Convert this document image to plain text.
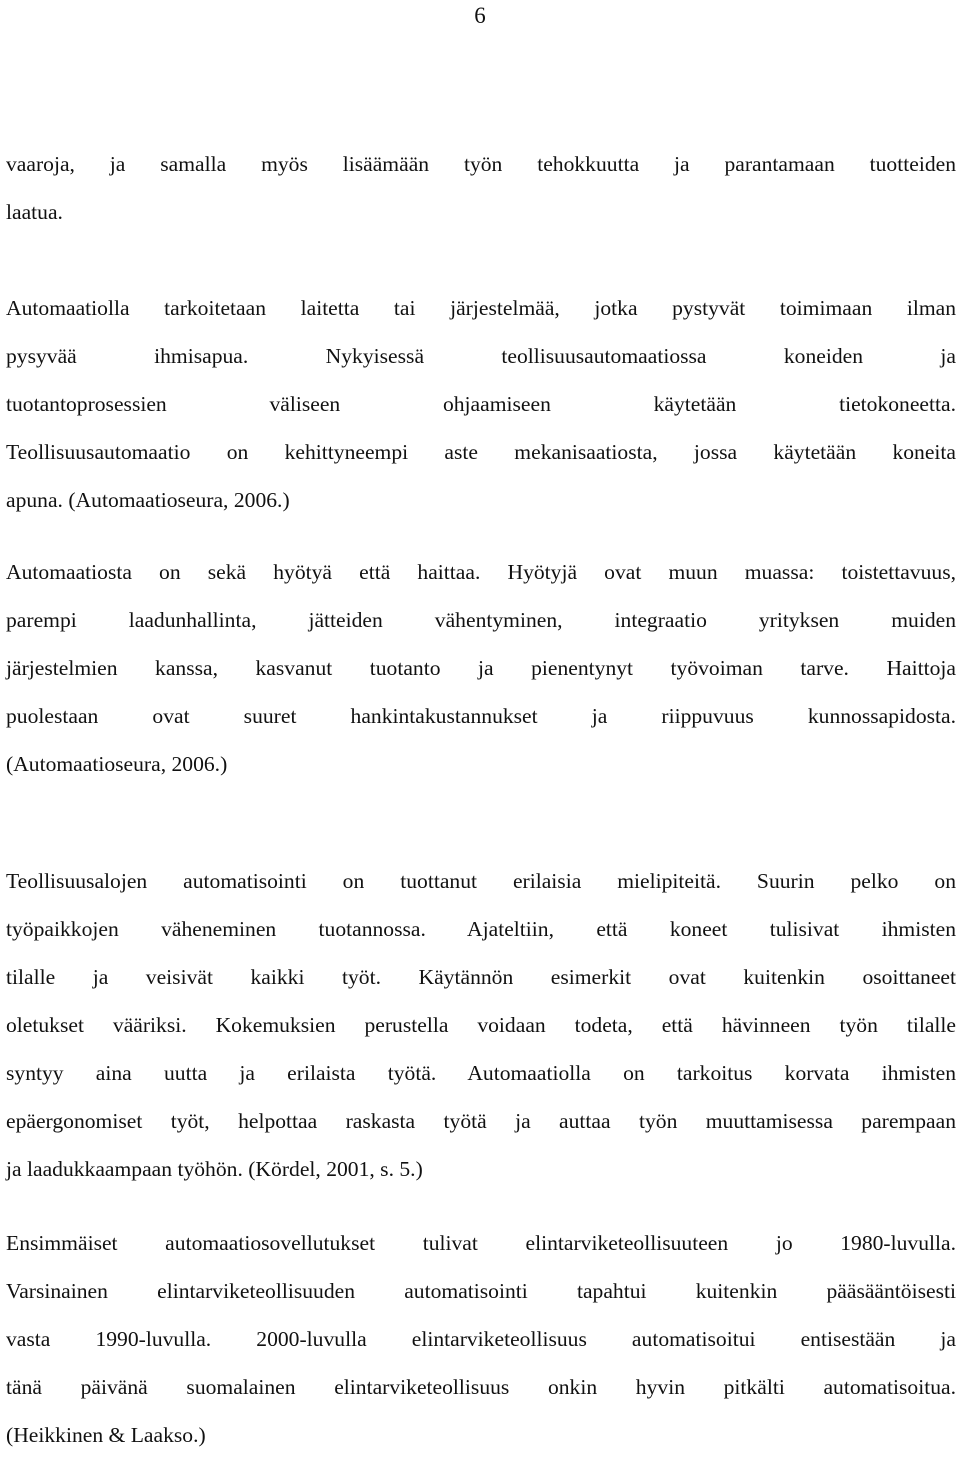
6
vaaroja, ja samalla myös lisäämään työn tehokkuutta ja parantamaan tuotteiden
laatua.
Automaatiolla tarkoitetaan laitetta tai järjestelmää, jotka pystyvät toimimaan ilman
pysyvää ihmisapua. Nykyisessä teollisuusautomaatiossa koneiden ja
tuotantoprosessien väliseen ohjaamiseen käytetään tietokoneetta.
Teollisuusautomaatio on kehittyneempi aste mekanisaatiosta, jossa käytetään koneita
apuna. (Automaatioseura, 2006.)
Automaatiosta on sekä hyötyä että haittaa. Hyötyjä ovat muun muassa: toistettavuus,
parempi laadunhallinta, jätteiden vähentyminen, integraatio yrityksen muiden
järjestelmien kanssa, kasvanut tuotanto ja pienentynyt työvoiman tarve. Haittoja
puolestaan ovat suuret hankintakustannukset ja riippuvuus kunnossapidosta.
(Automaatioseura, 2006.)
Teollisuusalojen automatisointi on tuottanut erilaisia mielipiteitä. Suurin pelko on
työpaikkojen väheneminen tuotannossa. Ajateltiin, että koneet tulisivat ihmisten
tilalle ja veisivät kaikki työt. Käytännön esimerkit ovat kuitenkin osoittaneet
oletukset vääriksi. Kokemuksien perustella voidaan todeta, että hävinneen työn tilalle
syntyy aina uutta ja erilaista työtä. Automaatiolla on tarkoitus korvata ihmisten
epäergonomiset työt, helpottaa raskasta työtä ja auttaa työn muuttamisessa parempaan
ja laadukkaampaan työhön. (Kördel, 2001, s. 5.)
Ensimmäiset automaatiosovellutukset tulivat elintarviketeollisuuteen jo 1980-luvulla.
Varsinainen elintarviketeollisuuden automatisointi tapahtui kuitenkin pääsääntöisesti
vasta 1990-luvulla. 2000-luvulla elintarviketeollisuus automatisoitui entisestään ja
tänä päivänä suomalainen elintarviketeollisuus onkin hyvin pitkälti automatisoitua.
(Heikkinen & Laakso.)
